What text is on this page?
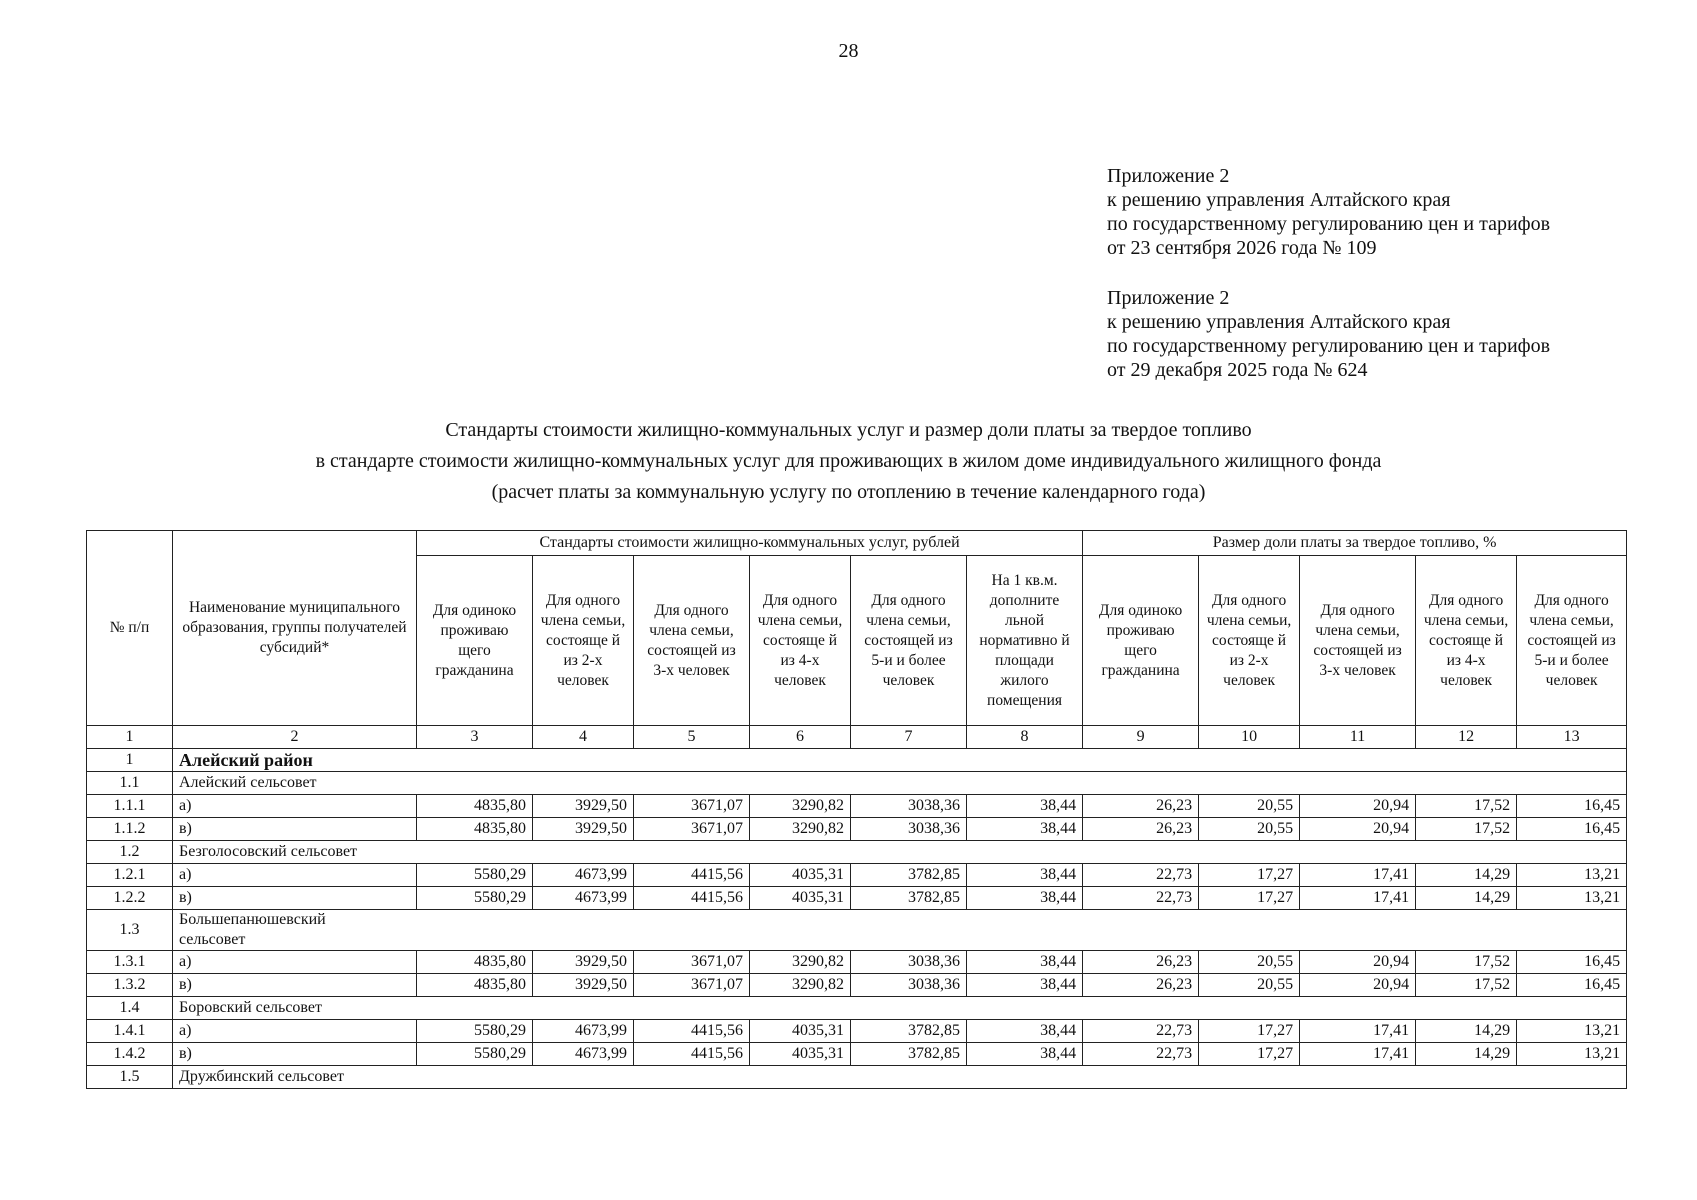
28
Приложение 2
к решению управления Алтайского края
по государственному регулированию цен и тарифов
от 23 сентября 2026 года № 109
Приложение 2
к решению управления Алтайского края
по государственному регулированию цен и тарифов
от 29 декабря 2025 года № 624
Стандарты стоимости жилищно-коммунальных услуг и размер доли платы за твердое топливо
в стандарте стоимости жилищно-коммунальных услуг для проживающих в жилом доме индивидуального жилищного фонда
(расчет платы за коммунальную услугу по отоплению в течение календарного года)
№ п/п	Наименование муниципального образования, группы получателей субсидий*	Стандарты стоимости жилищно-коммунальных услуг, рублей						Размер доли платы за твердое топливо, %				
		Для одиноко проживаю щего гражданина	Для одного члена семьи, состояще й из 2-х человек	Для одного члена семьи, состоящей из 3-х человек	Для одного члена семьи, состояще й из 4-х человек	Для одного члена семьи, состоящей из 5-и и более человек	На 1 кв.м. дополните льной нормативно й площади жилого помещения	Для одиноко проживаю щего гражданина	Для одного члена семьи, состояще й из 2-х человек	Для одного члена семьи, состоящей из 3-х человек	Для одного члена семьи, состояще й из 4-х человек	Для одного члена семьи, состоящей из 5-и и более человек
1	2	3	4	5	6	7	8	9	10	11	12	13
1	Алейский район											
1.1	Алейский сельсовет											
1.1.1	а)	4835,80	3929,50	3671,07	3290,82	3038,36	38,44	26,23	20,55	20,94	17,52	16,45
1.1.2	в)	4835,80	3929,50	3671,07	3290,82	3038,36	38,44	26,23	20,55	20,94	17,52	16,45
1.2	Безголосовский сельсовет											
1.2.1	а)	5580,29	4673,99	4415,56	4035,31	3782,85	38,44	22,73	17,27	17,41	14,29	13,21
1.2.2	в)	5580,29	4673,99	4415,56	4035,31	3782,85	38,44	22,73	17,27	17,41	14,29	13,21
1.3	Большепанюшевский сельсовет											
1.3.1	а)	4835,80	3929,50	3671,07	3290,82	3038,36	38,44	26,23	20,55	20,94	17,52	16,45
1.3.2	в)	4835,80	3929,50	3671,07	3290,82	3038,36	38,44	26,23	20,55	20,94	17,52	16,45
1.4	Боровский сельсовет											
1.4.1	а)	5580,29	4673,99	4415,56	4035,31	3782,85	38,44	22,73	17,27	17,41	14,29	13,21
1.4.2	в)	5580,29	4673,99	4415,56	4035,31	3782,85	38,44	22,73	17,27	17,41	14,29	13,21
1.5	Дружбинский сельсовет											
